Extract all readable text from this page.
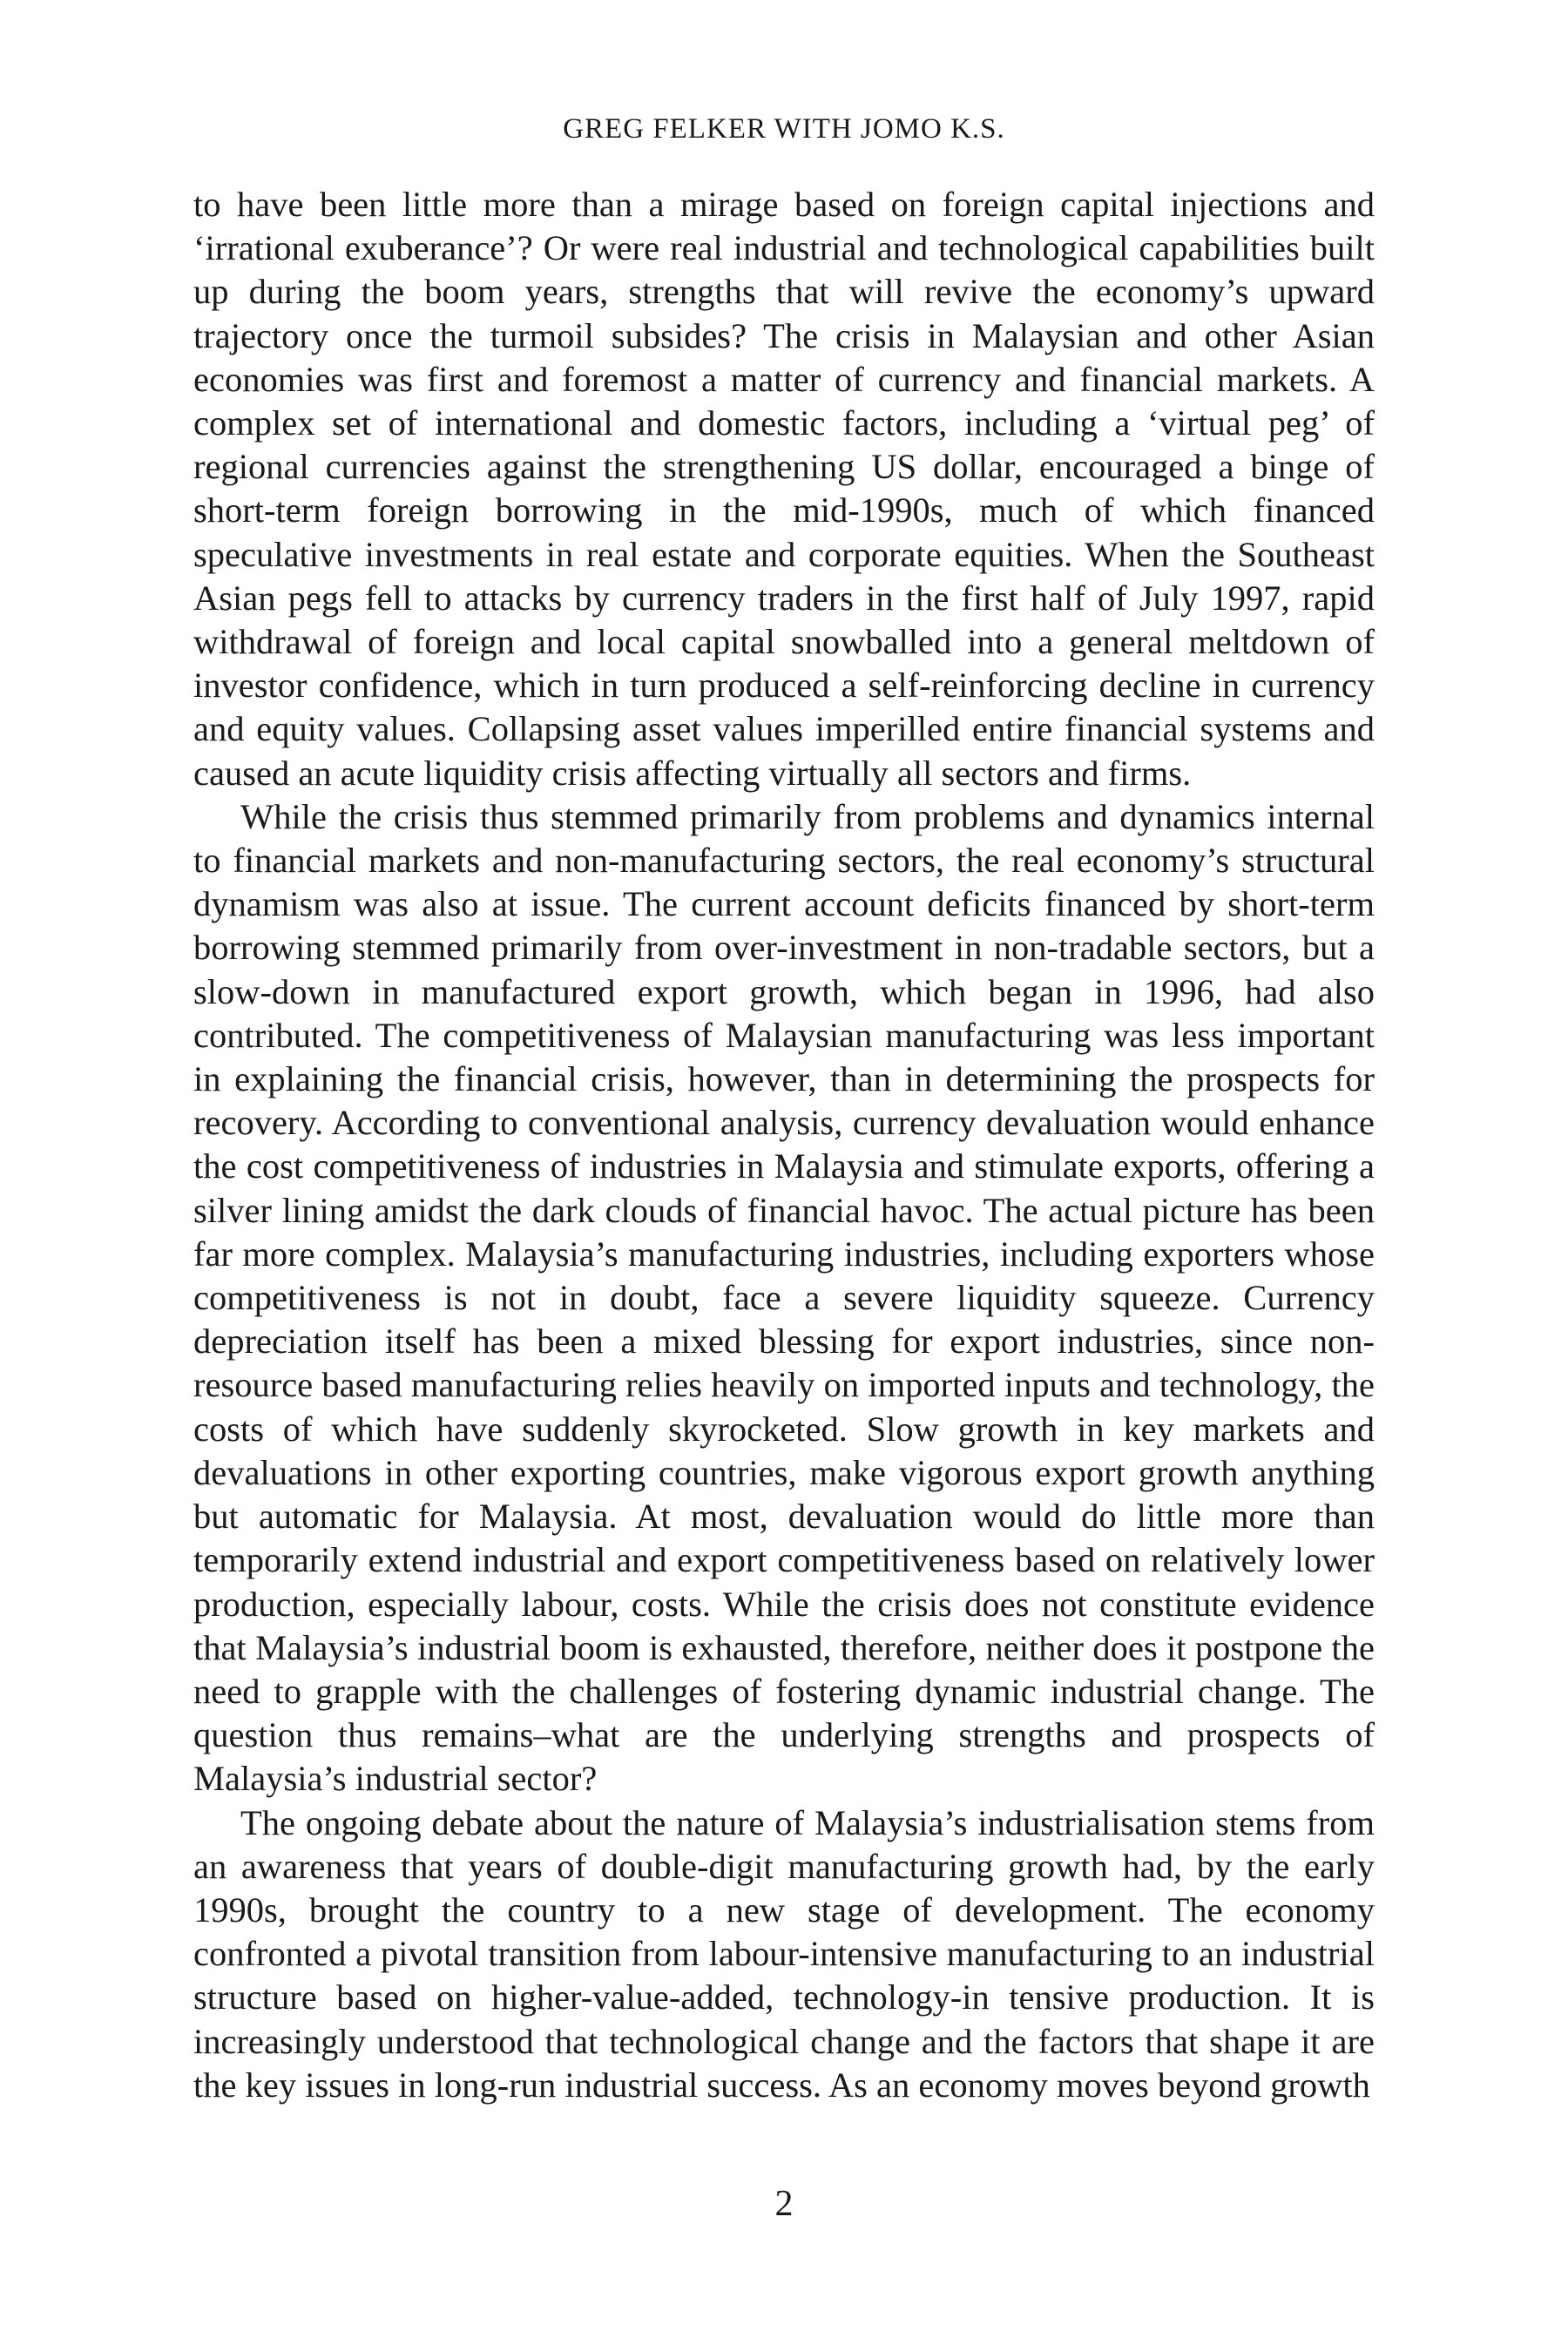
GREG FELKER WITH JOMO K.S.

to have been little more than a mirage based on foreign capital injections and ‘irrational exuberance’? Or were real industrial and technological capabilities built up during the boom years, strengths that will revive the economy’s upward trajectory once the turmoil subsides? The crisis in Malaysian and other Asian economies was first and foremost a matter of currency and financial markets. A complex set of international and domestic factors, including a ‘virtual peg’ of regional currencies against the strengthening US dollar, encouraged a binge of short-term foreign borrowing in the mid-1990s, much of which financed speculative investments in real estate and corporate equities. When the Southeast Asian pegs fell to attacks by currency traders in the first half of July 1997, rapid withdrawal of foreign and local capital snowballed into a general meltdown of investor confidence, which in turn produced a self-reinforcing decline in currency and equity values. Collapsing asset values imperilled entire financial systems and caused an acute liquidity crisis affecting virtually all sectors and firms.

While the crisis thus stemmed primarily from problems and dynamics internal to financial markets and non-manufacturing sectors, the real economy’s structural dynamism was also at issue. The current account deficits financed by short-term borrowing stemmed primarily from over-investment in non-tradable sectors, but a slow-down in manufactured export growth, which began in 1996, had also contributed. The competitiveness of Malaysian manufacturing was less important in explaining the financial crisis, however, than in determining the prospects for recovery. According to conventional analysis, currency devaluation would enhance the cost competitiveness of industries in Malaysia and stimulate exports, offering a silver lining amidst the dark clouds of financial havoc. The actual picture has been far more complex. Malaysia’s manufacturing industries, including exporters whose competitiveness is not in doubt, face a severe liquidity squeeze. Currency depreciation itself has been a mixed blessing for export industries, since non-resource based manufacturing relies heavily on imported inputs and technology, the costs of which have suddenly skyrocketed. Slow growth in key markets and devaluations in other exporting countries, make vigorous export growth anything but automatic for Malaysia. At most, devaluation would do little more than temporarily extend industrial and export competitiveness based on relatively lower production, especially labour, costs. While the crisis does not constitute evidence that Malaysia’s industrial boom is exhausted, therefore, neither does it postpone the need to grapple with the challenges of fostering dynamic industrial change. The question thus remains–what are the underlying strengths and prospects of Malaysia’s industrial sector?

The ongoing debate about the nature of Malaysia’s industrialisation stems from an awareness that years of double-digit manufacturing growth had, by the early 1990s, brought the country to a new stage of development. The economy confronted a pivotal transition from labour-intensive manufacturing to an industrial structure based on higher-value-added, technology-in tensive production. It is increasingly understood that technological change and the factors that shape it are the key issues in long-run industrial success. As an economy moves beyond growth

2
